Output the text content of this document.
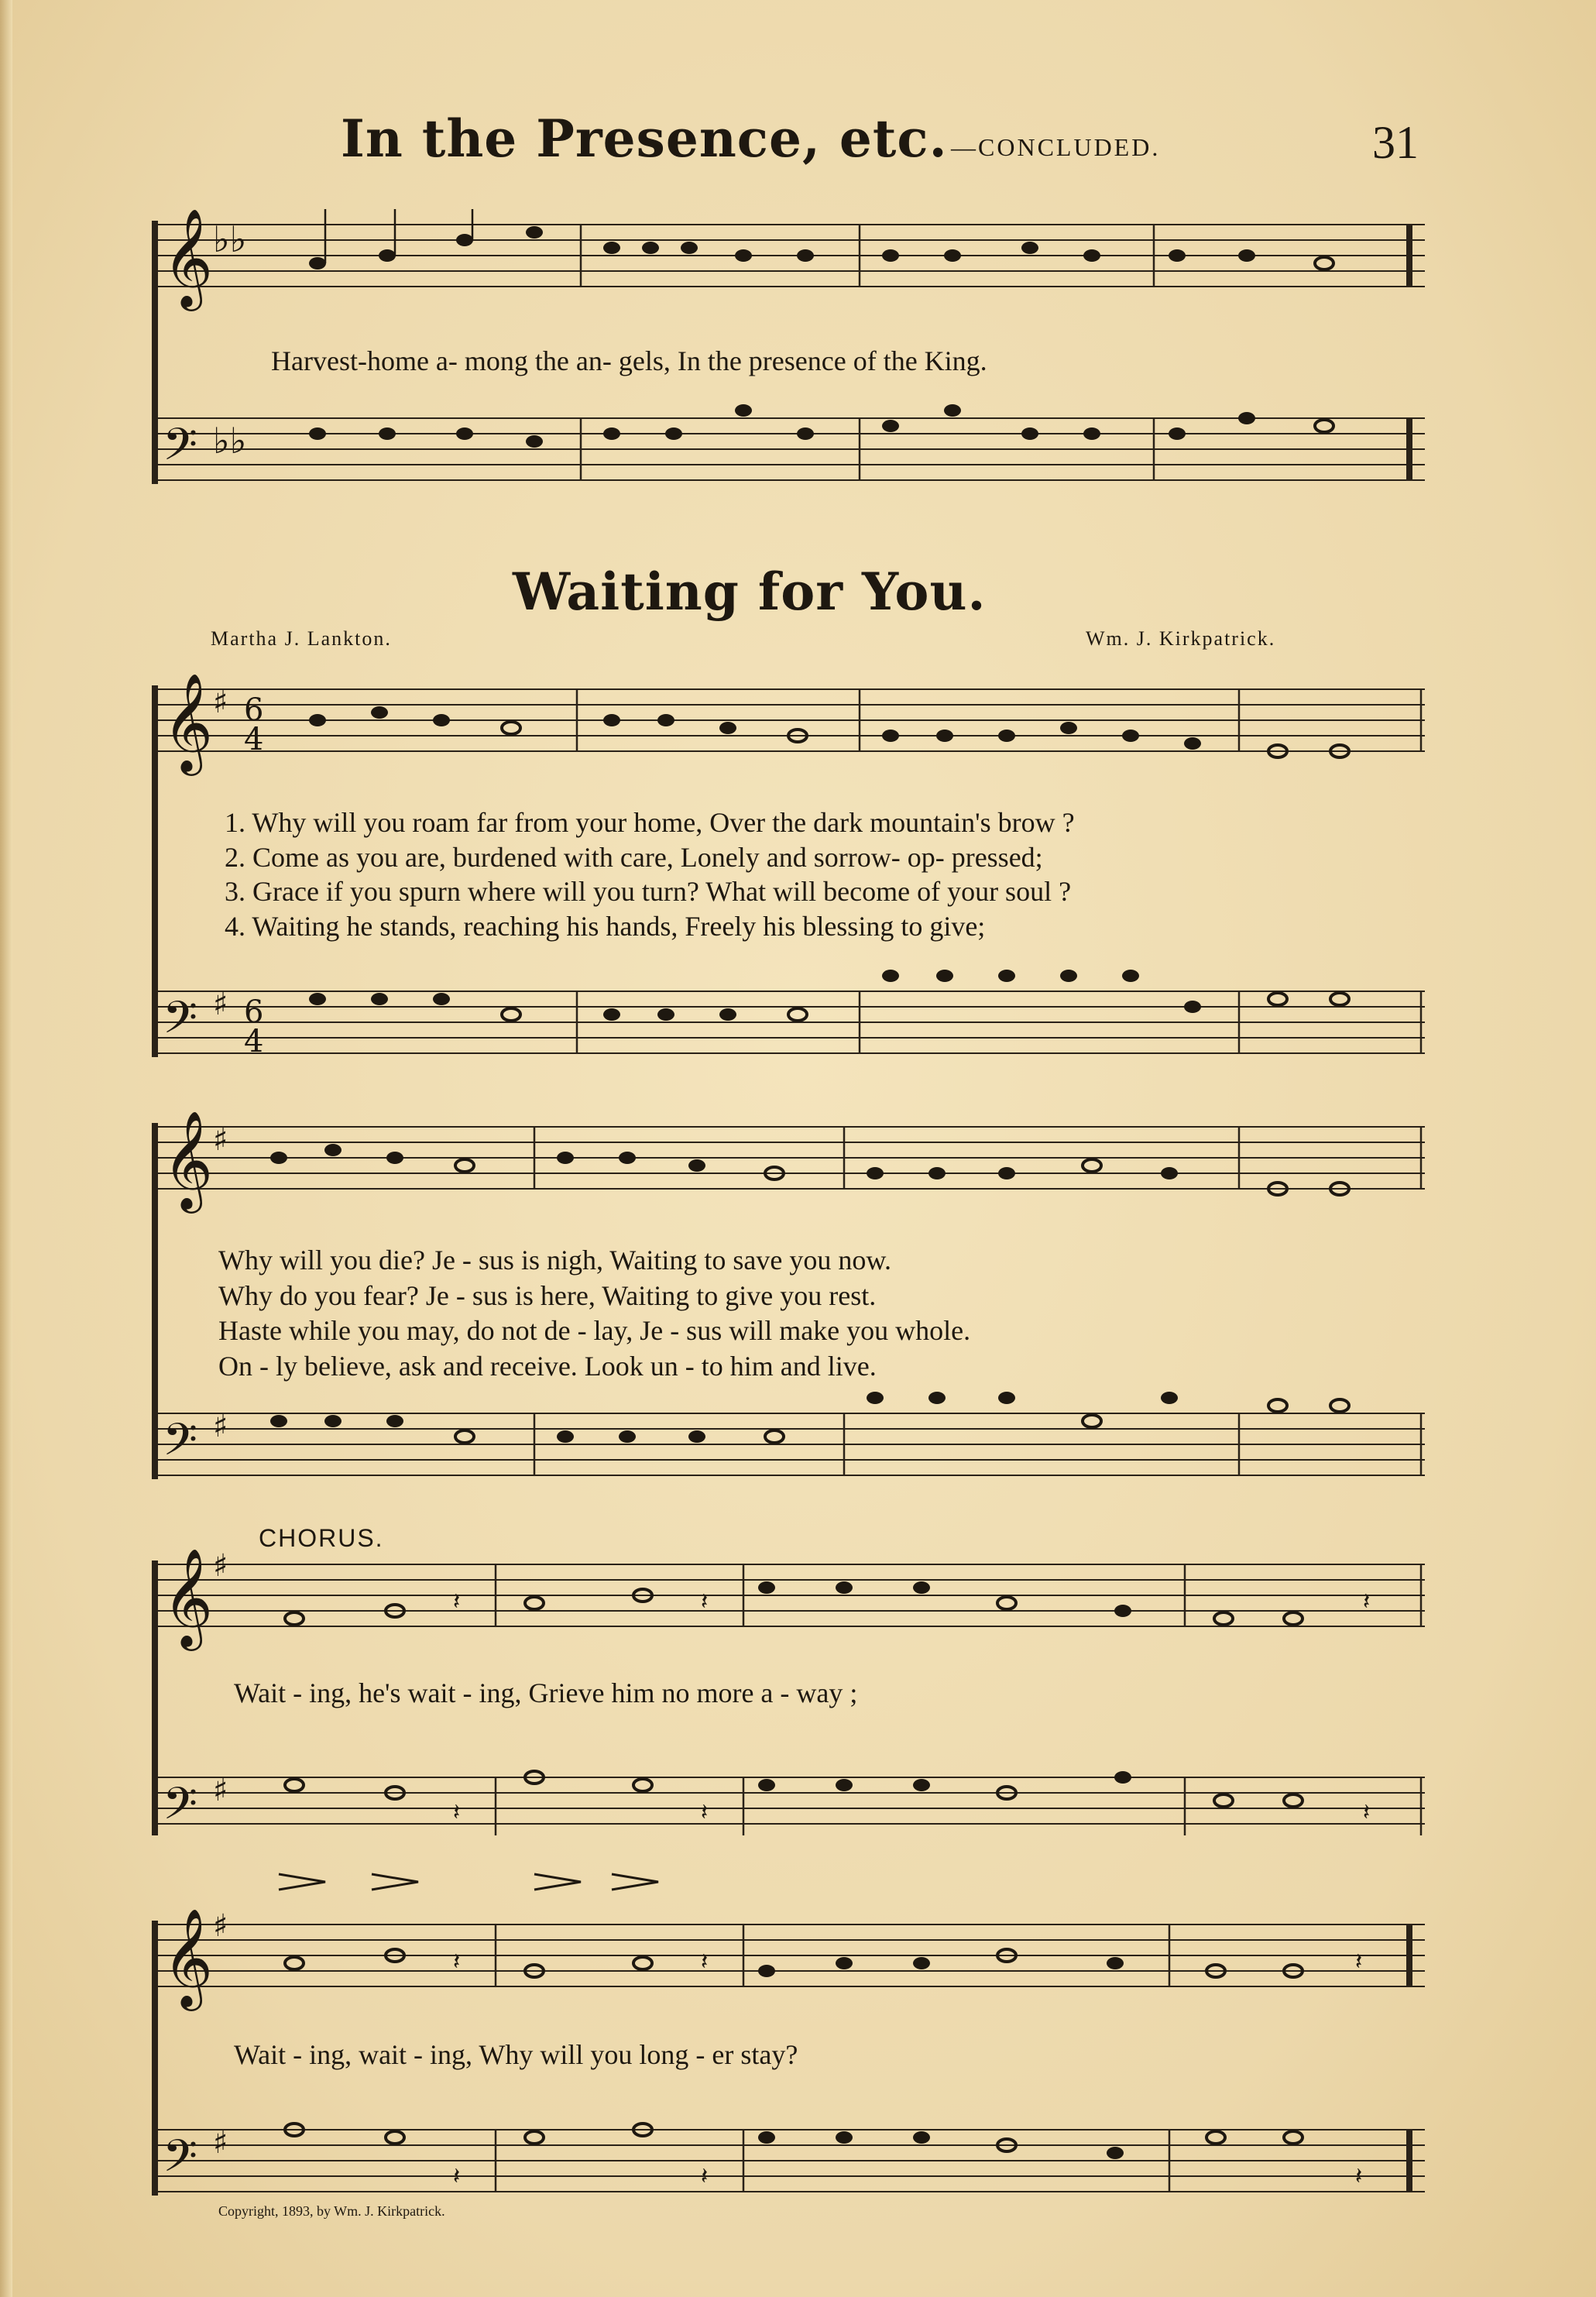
In the Presence, etc. —CONCLUDED.	31
𝄞
𝄢
♭♭
♭♭
Harvest-home a- mong the an- gels, In the presence of the King.
Waiting for You.
Martha J. Lankton.	Wm. J. Kirkpatrick.
𝄞
𝄢
♯
♯
6
4
6
4
1. Why will you roam far from your home, Over the dark mountain's brow ?
2. Come as you are, burdened with care, Lonely and sorrow- op- pressed;
3. Grace if you spurn where will you turn? What will become of your soul ?
4. Waiting he stands, reaching his hands, Freely his blessing to give;
𝄞
𝄢
♯
♯
Why will you die? Je - sus is nigh, Waiting to save you now.
Why do you fear? Je - sus is here, Waiting to give you rest.
Haste while you may, do not de - lay, Je - sus will make you whole.
On - ly believe, ask and receive. Look un - to him and live.
CHORUS.
𝄞
𝄢
♯
♯
𝄽	𝄽	𝄽
𝄽	𝄽	𝄽
Wait - ing, he's wait - ing, Grieve him no more a - way ;
𝄞
𝄢
♯
♯
𝄽	𝄽	𝄽
𝄽	𝄽	𝄽
Wait - ing, wait - ing, Why will you long - er stay?
Copyright, 1893, by Wm. J. Kirkpatrick.
